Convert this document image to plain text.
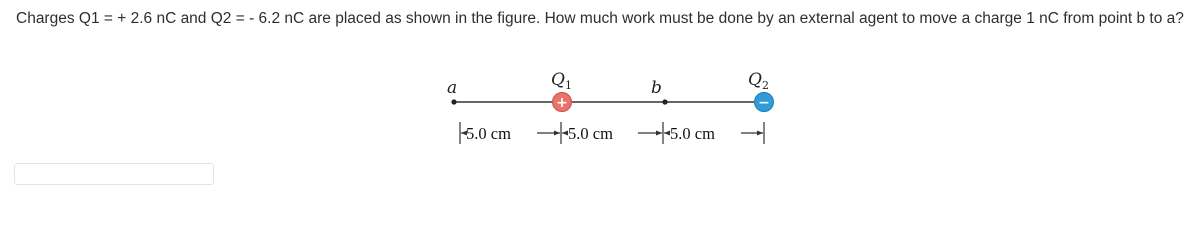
Charges Q1 = + 2.6 nC and Q2 = - 6.2 nC are placed as shown in the figure. How much work must be done by an external agent to move a charge 1 nC from point b to a?
a	$Q_1$
+
b	$Q_2$
−
5.0 cm	5.0 cm	5.0 cm
